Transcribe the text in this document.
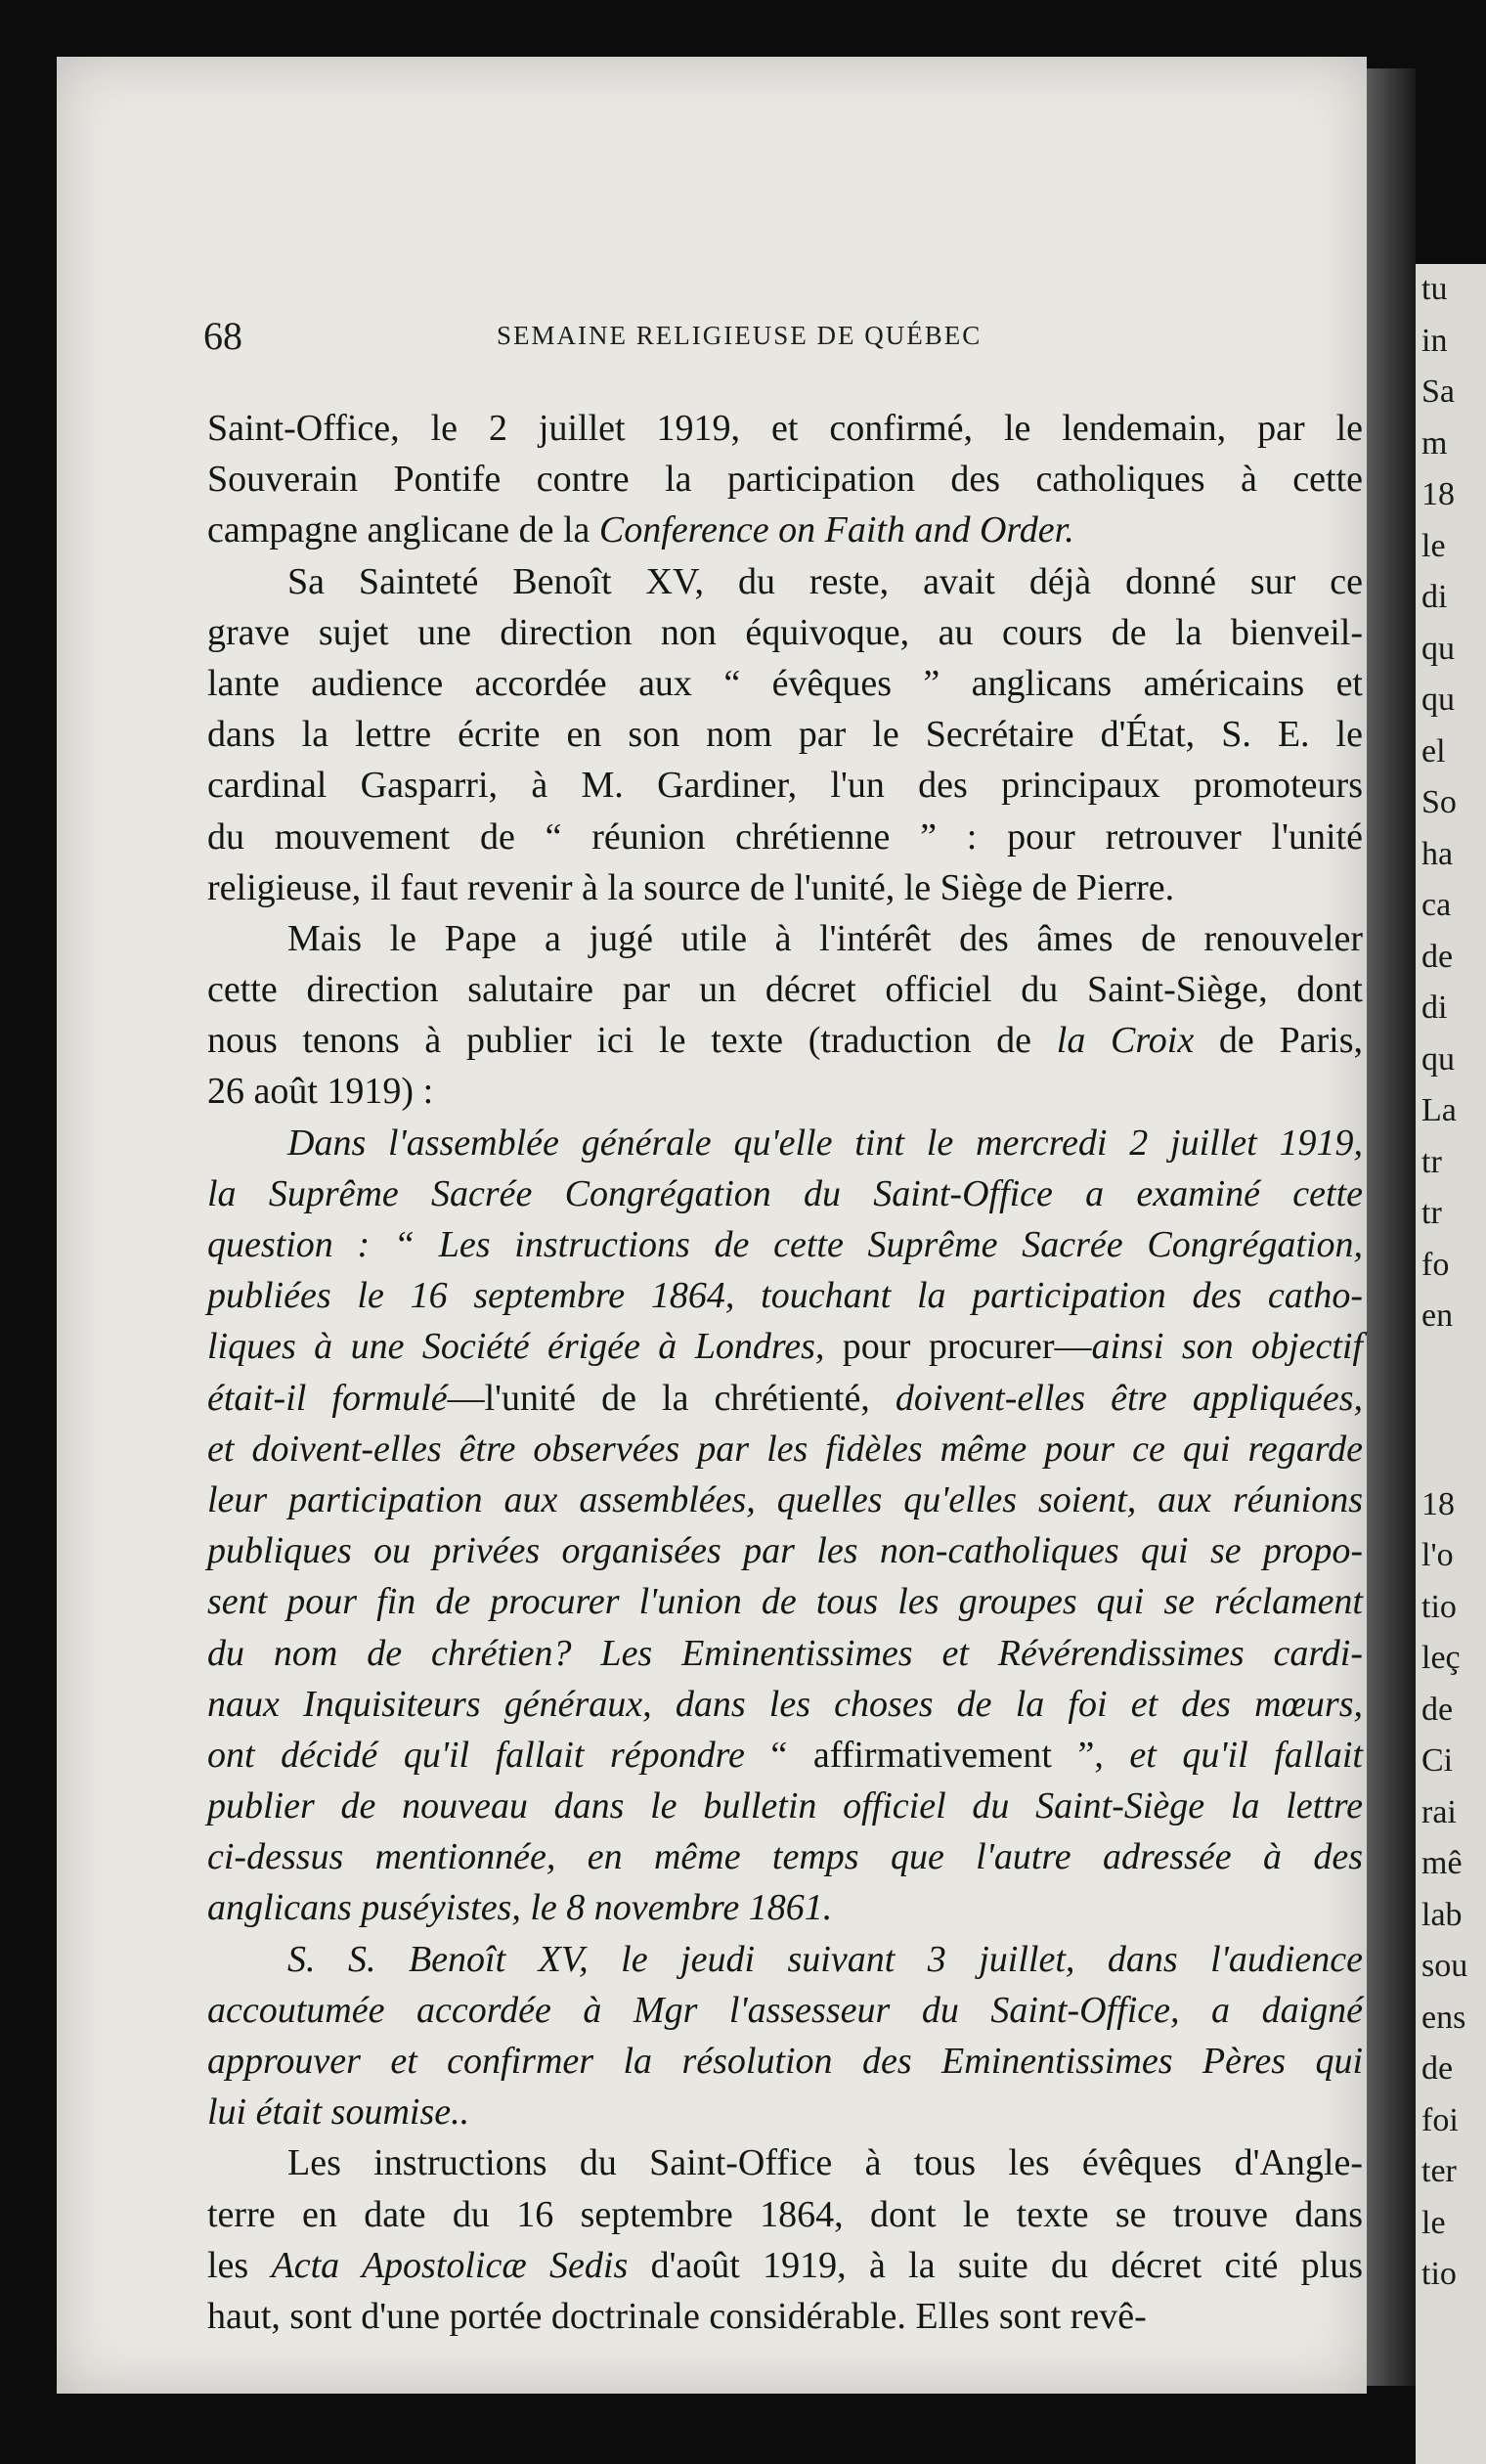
tu
in
Sa
m
18
le
di
qu
qu
el
So
ha
ca
de
di
qu
La
tr
tr
fo
en
18
l'o
tio
leç
de
Ci
rai
mê
lab
sou
ens
de
foi
ter
le
tio
68	SEMAINE RELIGIEUSE DE QUÉBEC
Saint-Office, le 2 juillet 1919, et confirmé, le lendemain, par le
Souverain Pontife contre la participation des catholiques à cette
campagne anglicane de la Conference on Faith and Order.
Sa Sainteté Benoît XV, du reste, avait déjà donné sur ce
grave sujet une direction non équivoque, au cours de la bienveil-
lante audience accordée aux “ évêques ” anglicans américains et
dans la lettre écrite en son nom par le Secrétaire d'État, S. E. le
cardinal Gasparri, à M. Gardiner, l'un des principaux promoteurs
du mouvement de “ réunion chrétienne ” : pour retrouver l'unité
religieuse, il faut revenir à la source de l'unité, le Siège de Pierre.
Mais le Pape a jugé utile à l'intérêt des âmes de renouveler
cette direction salutaire par un décret officiel du Saint-Siège, dont
nous tenons à publier ici le texte (traduction de la Croix de Paris,
26 août 1919) :
Dans l'assemblée générale qu'elle tint le mercredi 2 juillet 1919,
la Suprême Sacrée Congrégation du Saint-Office a examiné cette
question : “ Les instructions de cette Suprême Sacrée Congrégation,
publiées le 16 septembre 1864, touchant la participation des catho-
liques à une Société érigée à Londres, pour procurer—ainsi son objectif
était-il formulé—l'unité de la chrétienté, doivent-elles être appliquées,
et doivent-elles être observées par les fidèles même pour ce qui regarde
leur participation aux assemblées, quelles qu'elles soient, aux réunions
publiques ou privées organisées par les non-catholiques qui se propo-
sent pour fin de procurer l'union de tous les groupes qui se réclament
du nom de chrétien? Les Eminentissimes et Révérendissimes cardi-
naux Inquisiteurs généraux, dans les choses de la foi et des mœurs,
ont décidé qu'il fallait répondre “ affirmativement ”, et qu'il fallait
publier de nouveau dans le bulletin officiel du Saint-Siège la lettre
ci-dessus mentionnée, en même temps que l'autre adressée à des
anglicans puséyistes, le 8 novembre 1861.
S. S. Benoît XV, le jeudi suivant 3 juillet, dans l'audience
accoutumée accordée à Mgr l'assesseur du Saint-Office, a daigné
approuver et confirmer la résolution des Eminentissimes Pères qui
lui était soumise..
Les instructions du Saint-Office à tous les évêques d'Angle-
terre en date du 16 septembre 1864, dont le texte se trouve dans
les Acta Apostolicæ Sedis d'août 1919, à la suite du décret cité plus
haut, sont d'une portée doctrinale considérable. Elles sont revê-
